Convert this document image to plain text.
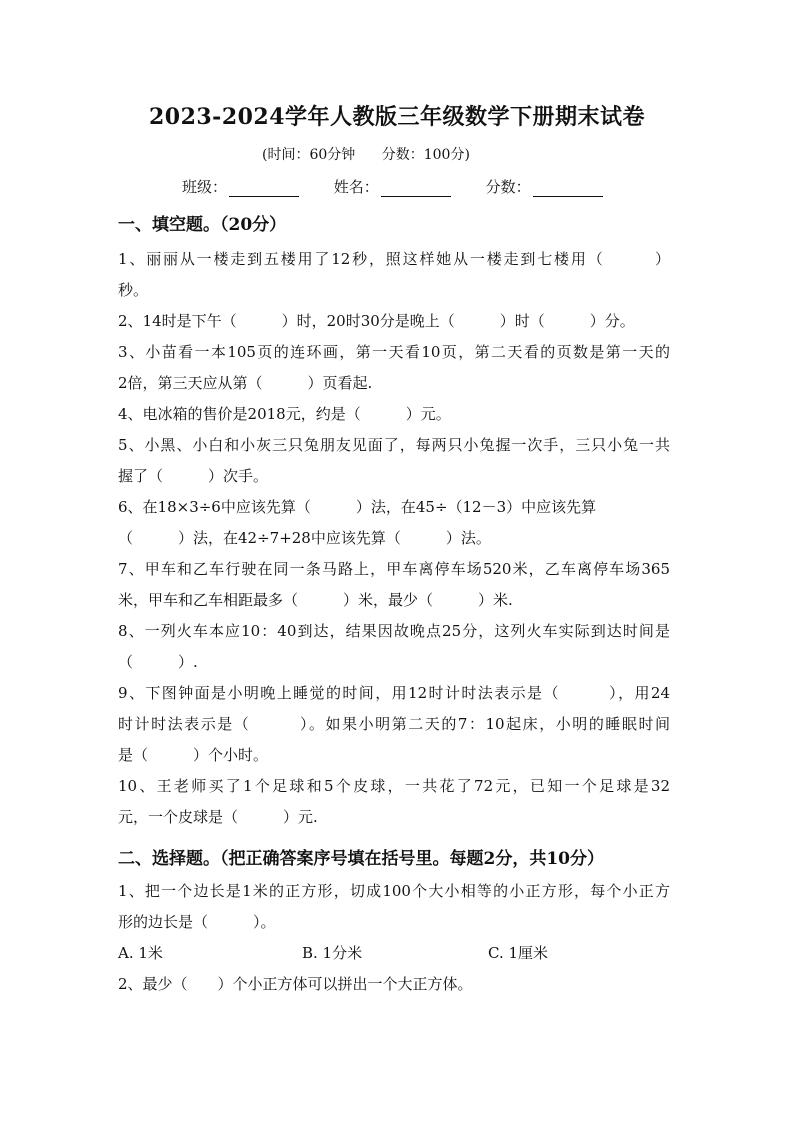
2023-2024学年人教版三年级数学下册期末试卷
(时间：60分钟 分数：100分)
班级：	姓名：	分数：
一、填空题。（20分）
1、丽丽从一楼走到五楼用了12秒，照这样她从一楼走到七楼用（　　　）
秒。
2、14时是下午（　　　）时，20时30分是晚上（　　　）时（　　　）分。
3、小苗看一本105页的连环画，第一天看10页，第二天看的页数是第一天的
2倍，第三天应从第（　　　）页看起.
4、电冰箱的售价是2018元，约是（　　　）元。
5、小黑、小白和小灰三只兔朋友见面了，每两只小兔握一次手，三只小兔一共
握了（　　　）次手。
6、在18×3÷6中应该先算（　　　）法，在45÷（12－3）中应该先算
（　　　）法，在42÷7+28中应该先算（　　　）法。
7、甲车和乙车行驶在同一条马路上，甲车离停车场520米，乙车离停车场365
米，甲车和乙车相距最多（　　　）米，最少（　　　）米.
8、一列火车本应10：40到达，结果因故晚点25分，这列火车实际到达时间是
（　　　）.
9、下图钟面是小明晚上睡觉的时间，用12时计时法表示是（　　　），用24
时计时法表示是（　　　）。如果小明第二天的7：10起床，小明的睡眠时间
是（　　　）个小时。
10、王老师买了1个足球和5个皮球，一共花了72元，已知一个足球是32
元，一个皮球是（　　　）元.
二、选择题。（把正确答案序号填在括号里。每题2分，共10分）
1、把一个边长是1米的正方形，切成100个大小相等的小正方形，每个小正方
形的边长是（　　　）。
A. 1米	B. 1分米	C. 1厘米
2、最少（　　）个小正方体可以拼出一个大正方体。
